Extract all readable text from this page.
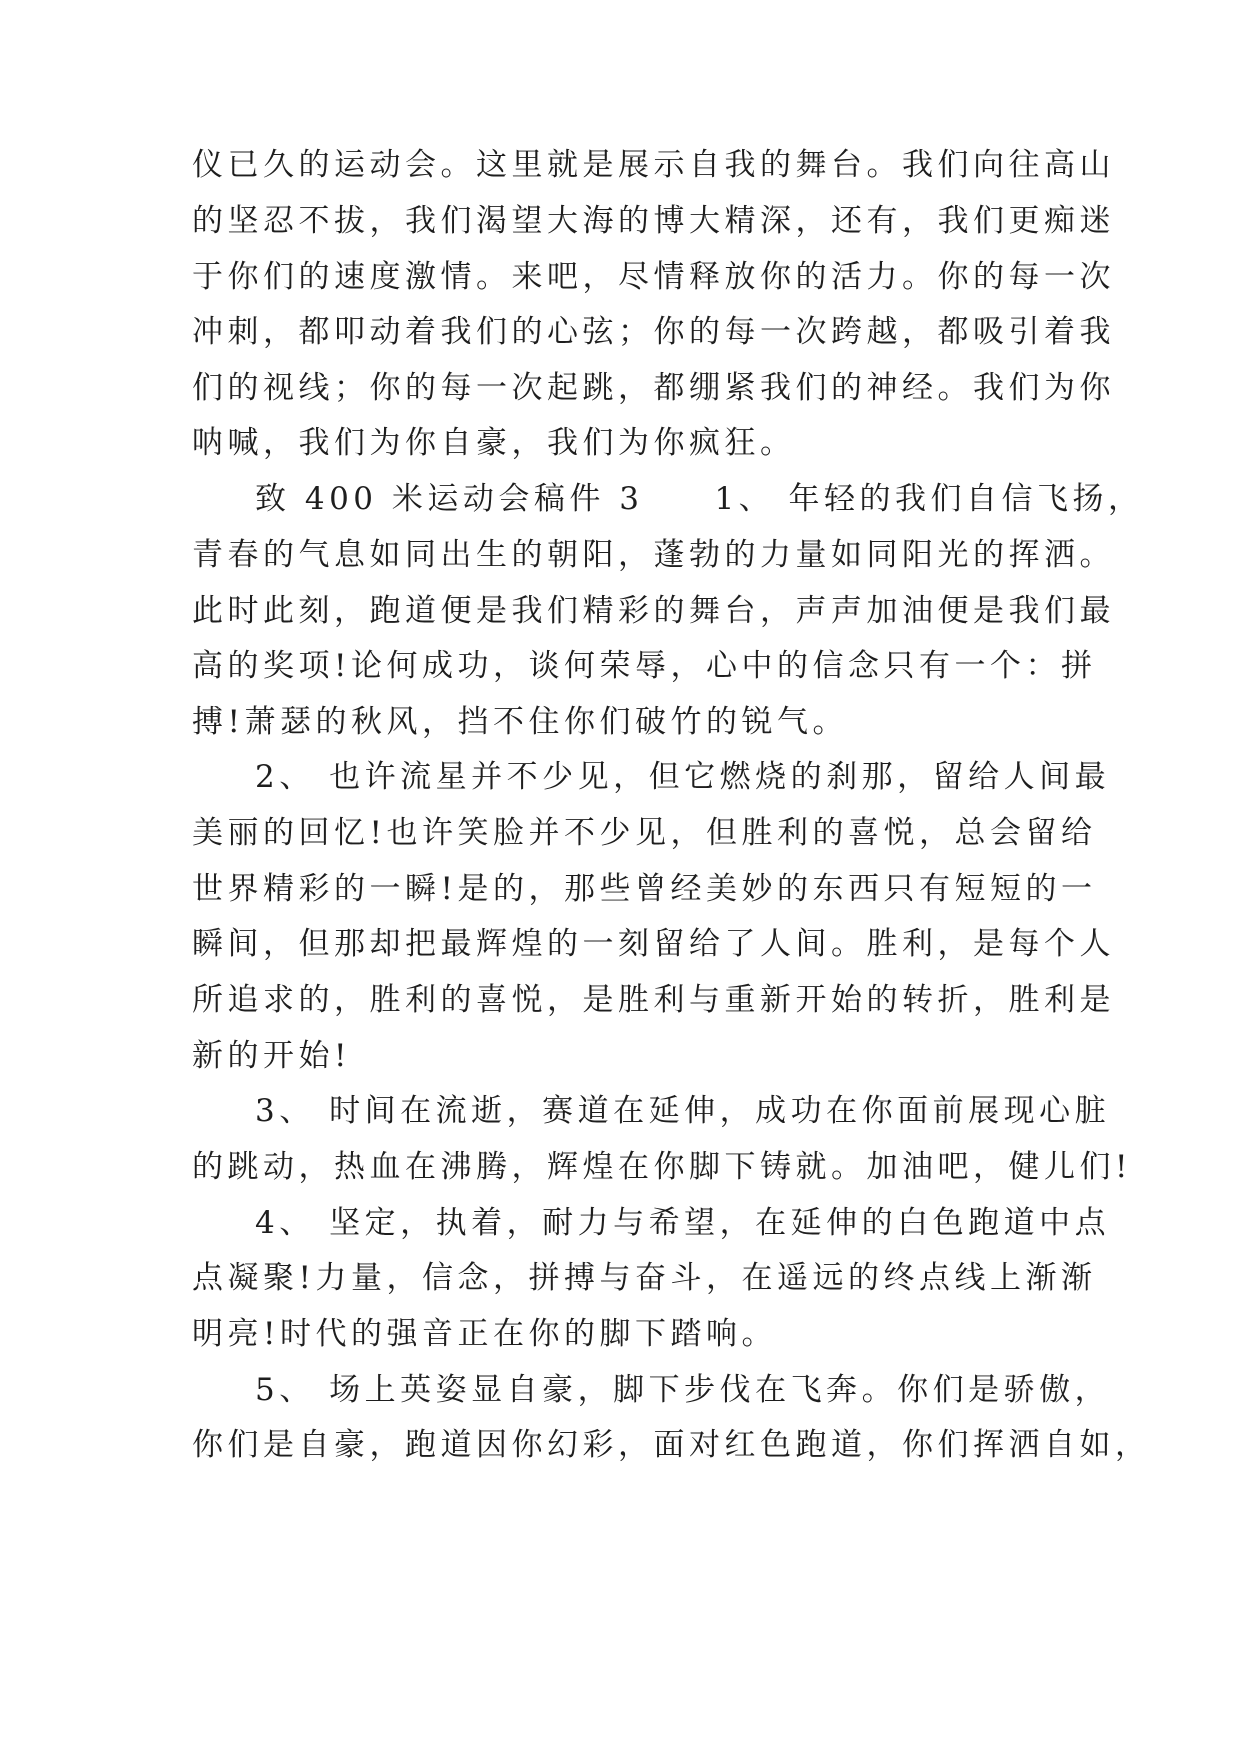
仪已久的运动会。这里就是展示自我的舞台。我们向往高山
的坚忍不拔，我们渴望大海的博大精深，还有，我们更痴迷
于你们的速度激情。来吧，尽情释放你的活力。你的每一次
冲刺，都叩动着我们的心弦；你的每一次跨越，都吸引着我
们的视线；你的每一次起跳，都绷紧我们的神经。我们为你
呐喊，我们为你自豪，我们为你疯狂。
致 400 米运动会稿件 3　　1、 年轻的我们自信飞扬，
青春的气息如同出生的朝阳，蓬勃的力量如同阳光的挥洒。
此时此刻，跑道便是我们精彩的舞台，声声加油便是我们最
高的奖项!论何成功，谈何荣辱，心中的信念只有一个：拼
搏!萧瑟的秋风，挡不住你们破竹的锐气。
2、 也许流星并不少见，但它燃烧的刹那，留给人间最
美丽的回忆!也许笑脸并不少见，但胜利的喜悦，总会留给
世界精彩的一瞬!是的，那些曾经美妙的东西只有短短的一
瞬间，但那却把最辉煌的一刻留给了人间。胜利，是每个人
所追求的，胜利的喜悦，是胜利与重新开始的转折，胜利是
新的开始!
3、 时间在流逝，赛道在延伸，成功在你面前展现心脏
的跳动，热血在沸腾，辉煌在你脚下铸就。加油吧，健儿们!
4、 坚定，执着，耐力与希望，在延伸的白色跑道中点
点凝聚!力量，信念，拼搏与奋斗，在遥远的终点线上渐渐
明亮!时代的强音正在你的脚下踏响。
5、 场上英姿显自豪，脚下步伐在飞奔。你们是骄傲，
你们是自豪，跑道因你幻彩，面对红色跑道，你们挥洒自如，
